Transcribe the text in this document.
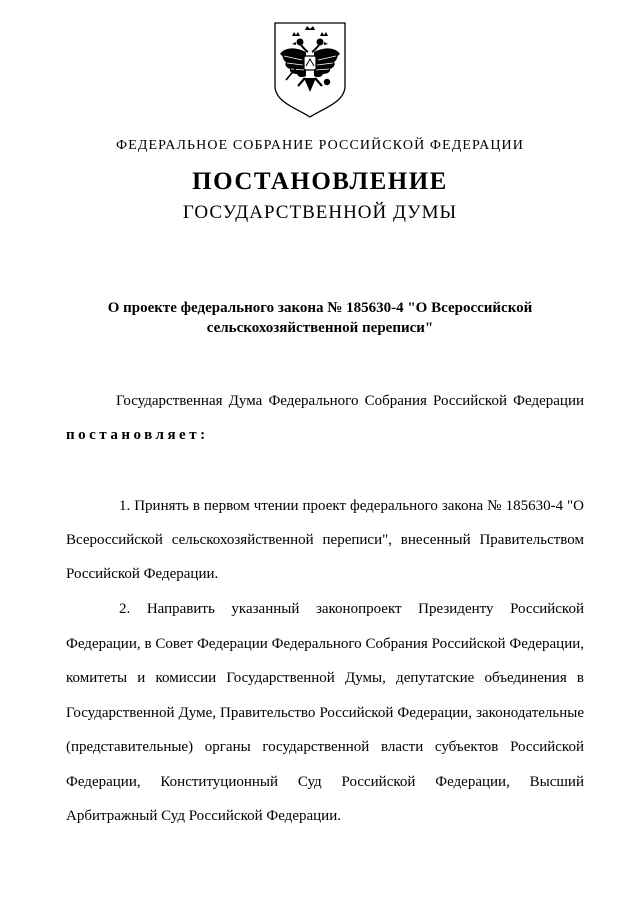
ФЕДЕРАЛЬНОЕ СОБРАНИЕ РОССИЙСКОЙ ФЕДЕРАЦИИ
ПОСТАНОВЛЕНИЕ
ГОСУДАРСТВЕННОЙ ДУМЫ
О проекте федерального закона № 185630-4 "О Всероссийской
сельскохозяйственной переписи"
Государственная Дума Федерального Собрания Российской Федерации постановляет:
1. Принять в первом чтении проект федерального закона № 185630-4 "О Всероссийской сельскохозяйственной переписи", внесенный Правительством Российской Федерации.
2. Направить указанный законопроект Президенту Российской Федерации, в Совет Федерации Федерального Собрания Российской Федерации, комитеты и комиссии Государственной Думы, депутатские объединения в Государственной Думе, Правительство Российской Федерации, законодательные (представительные) органы государственной власти субъектов Российской Федерации, Конституционный Суд Российской Федерации, Высший Арбитражный Суд Российской Федерации.
